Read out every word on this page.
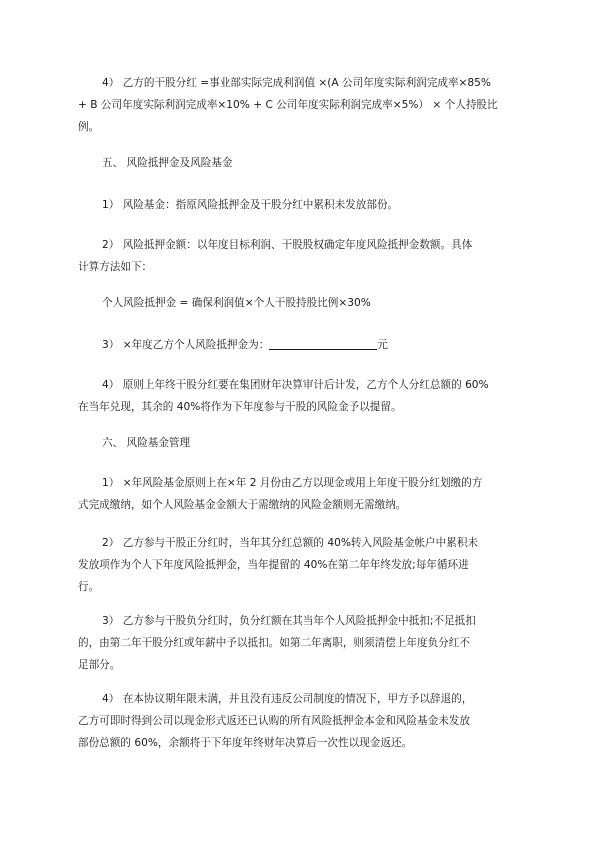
4） 乙方的干股分红 =事业部实际完成利润值 ×(A 公司年度实际利润完成率×85%
+ B 公司年度实际利润完成率×10% + C 公司年度实际利润完成率×5%） × 个人持股比
例。
五、 风险抵押金及风险基金
1） 风险基金：指原风险抵押金及干股分红中累积未发放部份。
2） 风险抵押金额：以年度目标利润、干股股权确定年度风险抵押金数额。具体
计算方法如下：
个人风险抵押金 = 确保利润值×个人干股持股比例×30%
3） ×年度乙方个人风险抵押金为：	元
4） 原则上年终干股分红要在集团财年决算审计后计发，乙方个人分红总额的 60%
在当年兑现，其余的 40%将作为下年度参与干股的风险金予以提留。
六、 风险基金管理
1） ×年风险基金原则上在×年 2 月份由乙方以现金或用上年度干股分红划缴的方
式完成缴纳，如个人风险基金金额大于需缴纳的风险金额则无需缴纳。
2） 乙方参与干股正分红时，当年其分红总额的 40%转入风险基金帐户中累积未
发放项作为个人下年度风险抵押金，当年提留的 40%在第二年年终发放;每年循环进
行。
3） 乙方参与干股负分红时，负分红额在其当年个人风险抵押金中抵扣;不足抵扣
的，由第二年干股分红或年薪中予以抵扣。如第二年离职，则须清偿上年度负分红不
足部分。
4） 在本协议期年限未满，并且没有违反公司制度的情况下，甲方予以辞退的，
乙方可即时得到公司以现金形式返还已认购的所有风险抵押金本金和风险基金未发放
部份总额的 60%，余额将于下年度年终财年决算后一次性以现金返还。
